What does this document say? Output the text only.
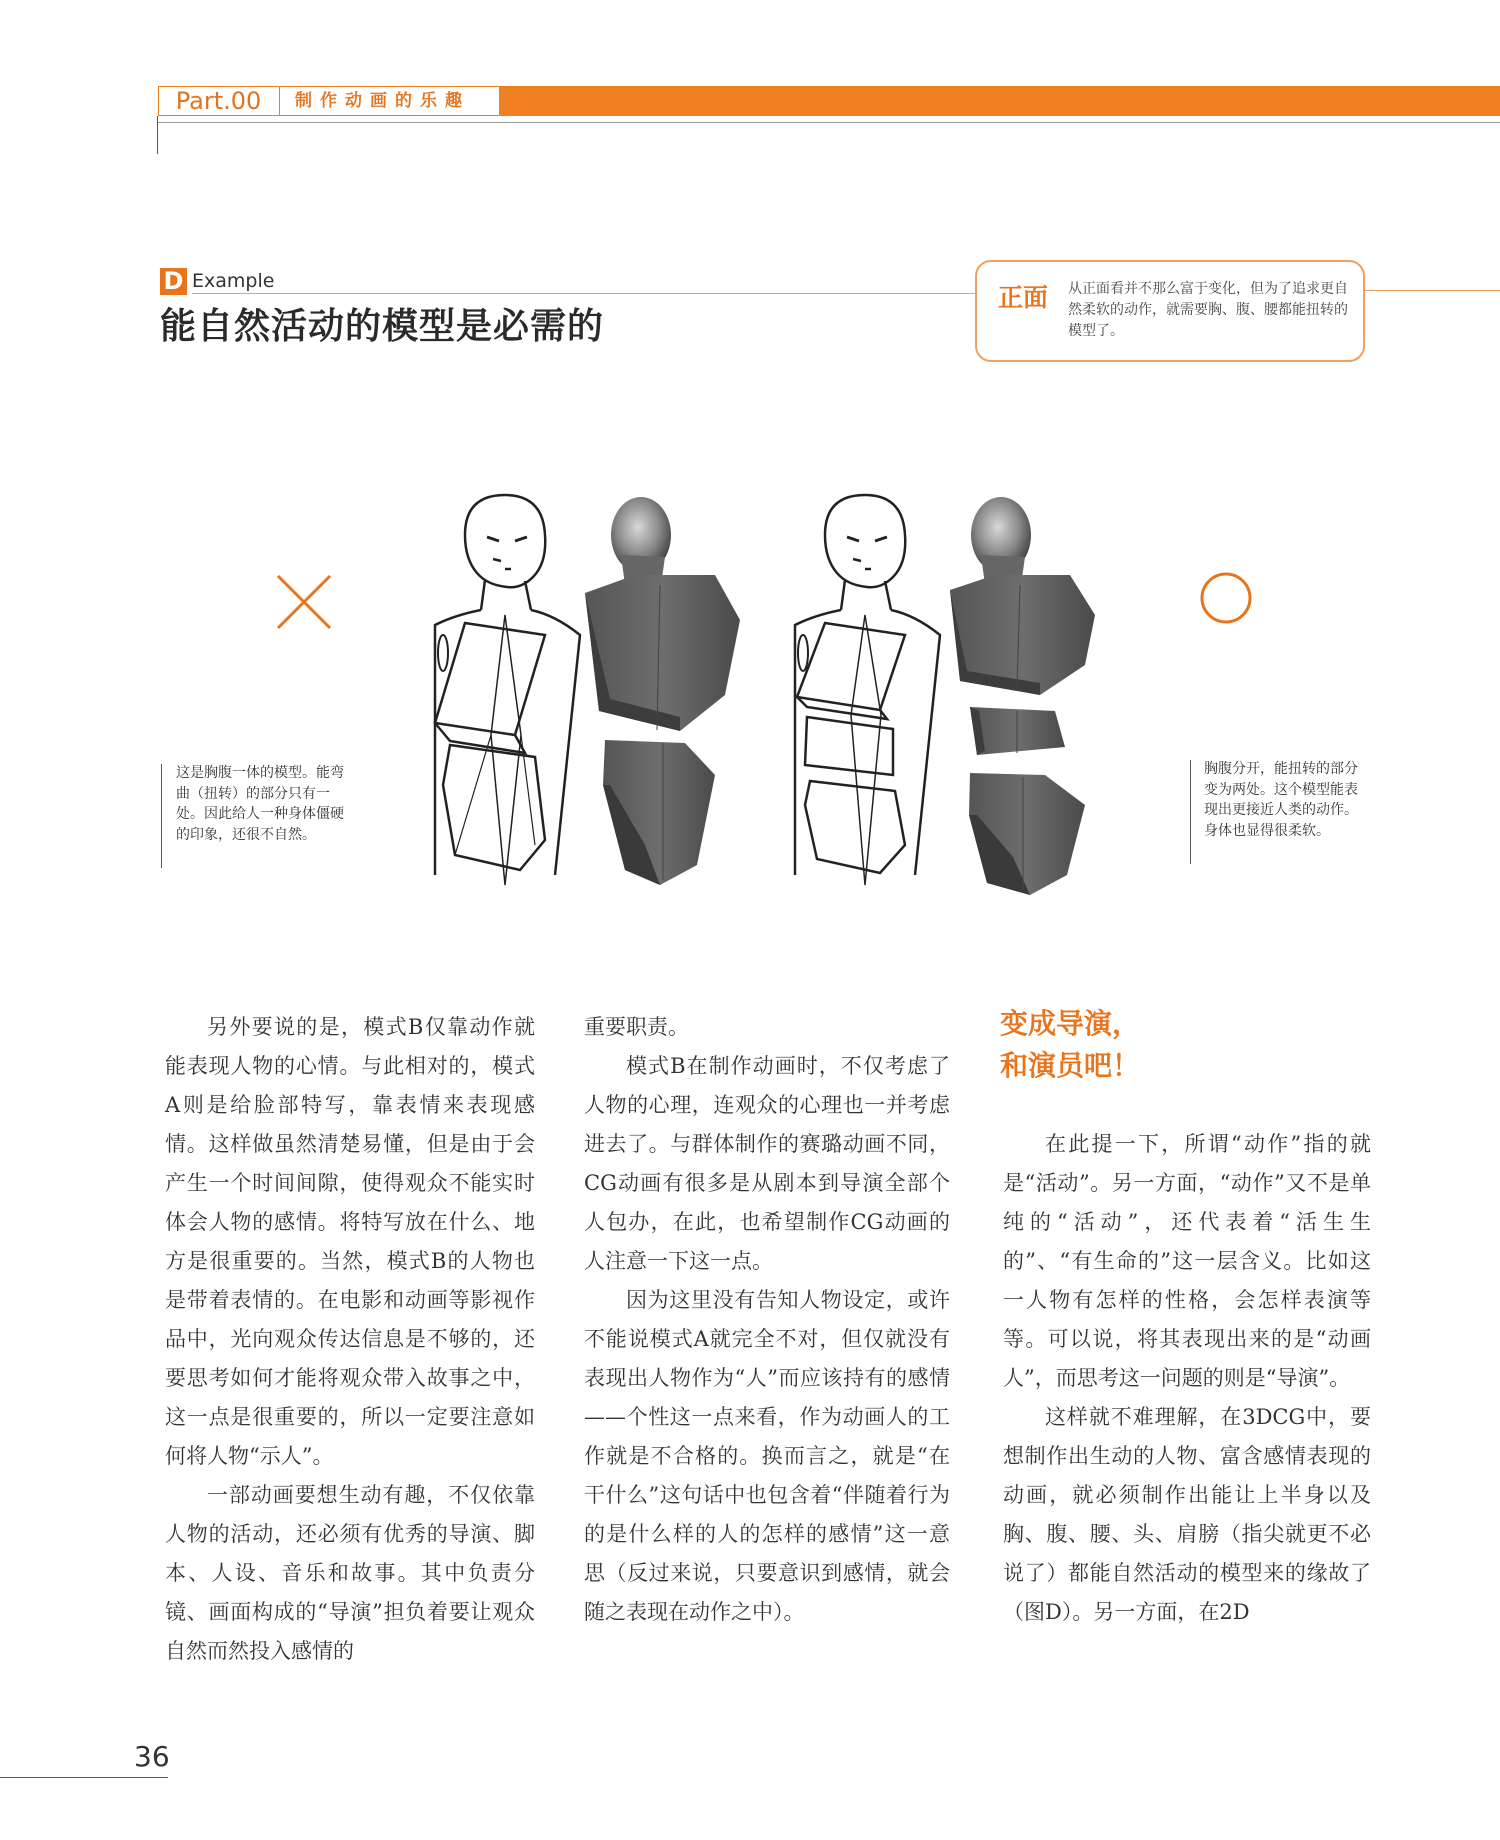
Part.00	制作动画的乐趣
D Example
能自然活动的模型是必需的
正面 从正面看并不那么富于变化，但为了追求更自然柔软的动作，就需要胸、腹、腰都能扭转的模型了。
这是胸腹一体的模型。能弯曲（扭转）的部分只有一处。因此给人一种身体僵硬的印象，还很不自然。
胸腹分开，能扭转的部分变为两处。这个模型能表现出更接近人类的动作。身体也显得很柔软。

另外要说的是，模式B仅靠动作就能表现人物的心情。与此相对的，模式A则是给脸部特写，靠表情来表现感情。这样做虽然清楚易懂，但是由于会产生一个时间间隙，使得观众不能实时体会人物的感情。将特写放在什么、地方是很重要的。当然，模式B的人物也是带着表情的。在电影和动画等影视作品中，光向观众传达信息是不够的，还要思考如何才能将观众带入故事之中，这一点是很重要的，所以一定要注意如何将人物“示人”。

一部动画要想生动有趣，不仅依靠人物的活动，还必须有优秀的导演、脚本、人设、音乐和故事。其中负责分镜、画面构成的“导演”担负着要让观众自然而然投入感情的

重要职责。

模式B在制作动画时，不仅考虑了人物的心理，连观众的心理也一并考虑进去了。与群体制作的赛璐动画不同，CG动画有很多是从剧本到导演全部个人包办，在此，也希望制作CG动画的人注意一下这一点。

因为这里没有告知人物设定，或许不能说模式A就完全不对，但仅就没有表现出人物作为“人”而应该持有的感情——个性这一点来看，作为动画人的工作就是不合格的。换而言之，就是“在干什么”这句话中也包含着“伴随着行为的是什么样的人的怎样的感情”这一意思（反过来说，只要意识到感情，就会随之表现在动作之中）。

变成导演，
和演员吧！

在此提一下，所谓“动作”指的就是“活动”。另一方面，“动作”又不是单纯的“活动”，还代表着“活生生的”、“有生命的”这一层含义。比如这一人物有怎样的性格，会怎样表演等等。可以说，将其表现出来的是“动画人”，而思考这一问题的则是“导演”。

这样就不难理解，在3DCG中，要想制作出生动的人物、富含感情表现的动画，就必须制作出能让上半身以及胸、腹、腰、头、肩膀（指尖就更不必说了）都能自然活动的模型来的缘故了（图D）。另一方面，在2D

36
